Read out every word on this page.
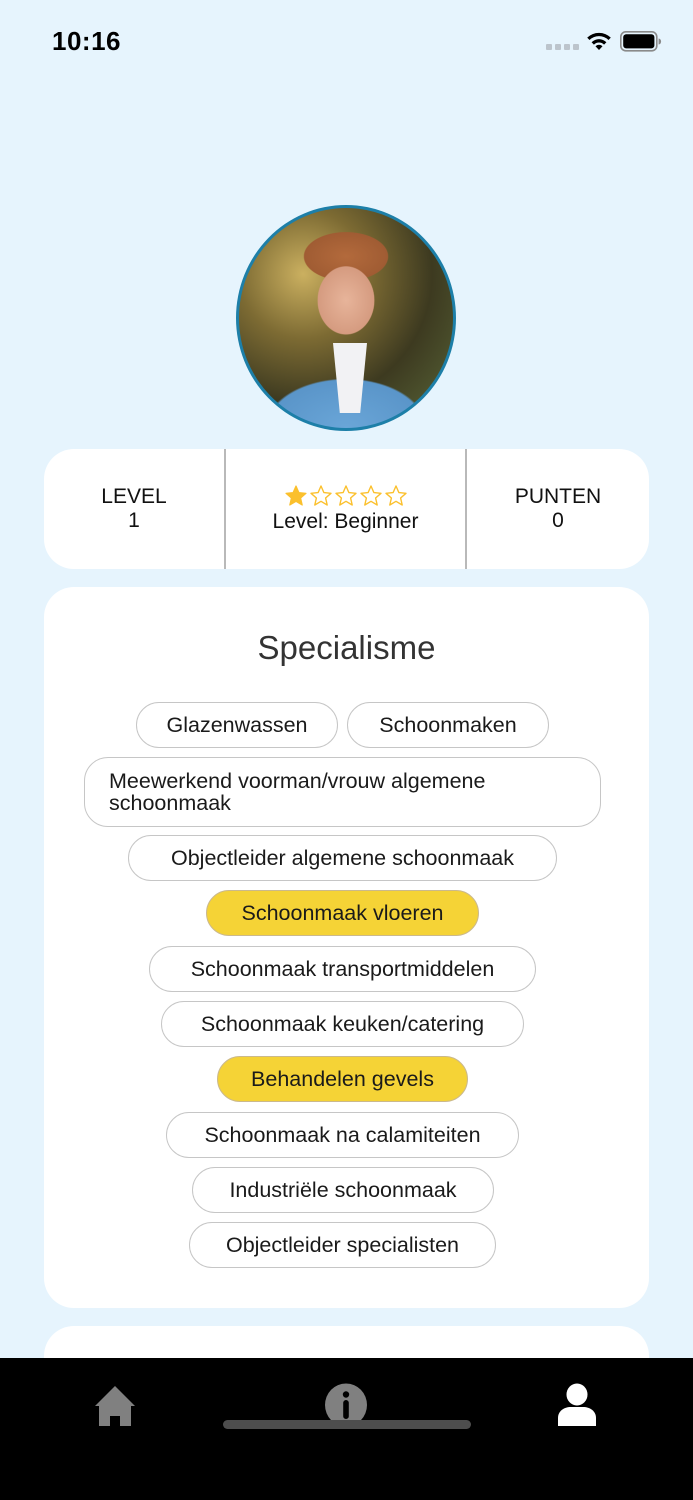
10:16
LEVEL
1	Level: Beginner
PUNTEN
0
Specialisme
Glazenwassen	Schoonmaken
Meewerkend voorman/vrouw algemene schoonmaak
Objectleider algemene schoonmaak
Schoonmaak vloeren
Schoonmaak transportmiddelen
Schoonmaak keuken/catering
Behandelen gevels
Schoonmaak na calamiteiten
Industriële schoonmaak
Objectleider specialisten
